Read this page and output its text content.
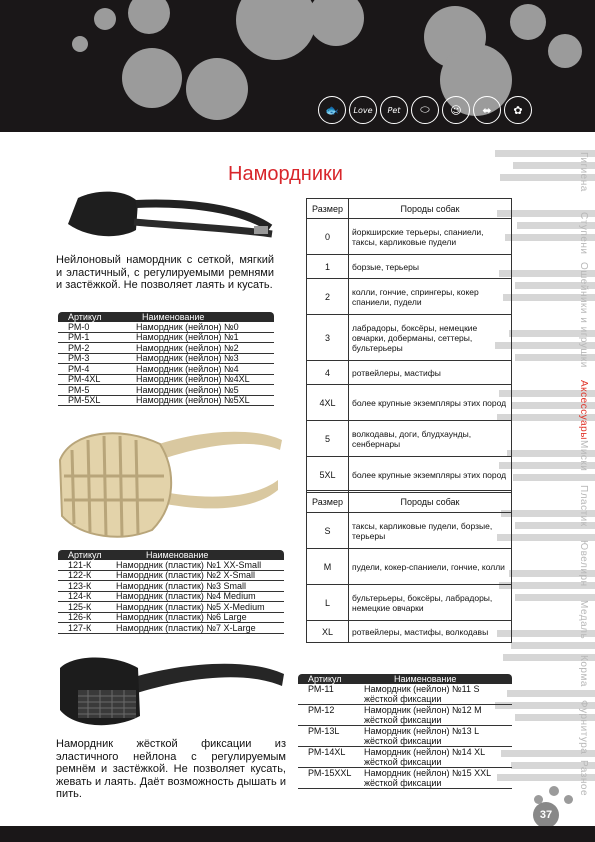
🐟	Love	Pet	⬭	☺	⬌	✿
Гигиена
Ступени
Ошейники и игрушки
Аксессуары
Миски
Пластик
Ювелирн
Медаль
Корма
Фурнитура
Разное
Намордники
Нейлоновый намордник с сеткой, мягкий и эластичный, с регулируемыми ремнями и застёжкой. Не позволяет лаять и кусать.
Артикул	Наименование
РМ-0	Намордник (нейлон) №0
РМ-1	Намордник (нейлон) №1
РМ-2	Намордник (нейлон) №2
РМ-3	Намордник (нейлон) №3
РМ-4	Намордник (нейлон) №4
РМ-4XL	Намордник (нейлон) №4XL
РМ-5	Намордник (нейлон) №5
РМ-5XL	Намордник (нейлон) №5XL
Артикул	Наименование
121-К	Намордник (пластик) №1 XX-Small
122-К	Намордник (пластик) №2 X-Small
123-К	Намордник (пластик) №3 Small
124-К	Намордник (пластик) №4 Medium
125-К	Намордник (пластик) №5 X-Medium
126-К	Намордник (пластик) №6 Large
127-К	Намордник (пластик) №7 X-Large
Намордник жёсткой фиксации из эластичного нейлона с регулируемым ремнём и застёжкой. Не позволяет кусать, жевать и лаять. Даёт возможность дышать и пить.
Артикул	Наименование
РМ-11	Намордник (нейлон) №11 S жёсткой фиксации
РМ-12	Намордник (нейлон) №12 M жёсткой фиксации
РМ-13L	Намордник (нейлон) №13 L жёсткой фиксации
РМ-14XL	Намордник (нейлон) №14 XL жёсткой фиксации
РМ-15XXL	Намордник (нейлон) №15 XXL жёсткой фиксации
Размер	Породы собак
0	йоркширские терьеры, спаниели, таксы, карликовые пудели
1	борзые, терьеры
2	колли, гончие, спрингеры, кокер спаниели, пудели
3	лабрадоры, боксёры, немецкие овчарки, доберманы, сеттеры, бультерьеры
4	ротвейлеры, мастифы
4XL	более крупные экземпляры этих пород
5	волкодавы, доги, блудхаунды, сенбернары
5XL	более крупные экземпляры этих пород
Размер	Породы собак
S	таксы, карликовые пудели, борзые, терьеры
M	пудели, кокер-спаниели, гончие, колли
L	бультерьеры, боксёры, лабрадоры, немецкие овчарки
XL	ротвейлеры, мастифы, волкодавы
37
